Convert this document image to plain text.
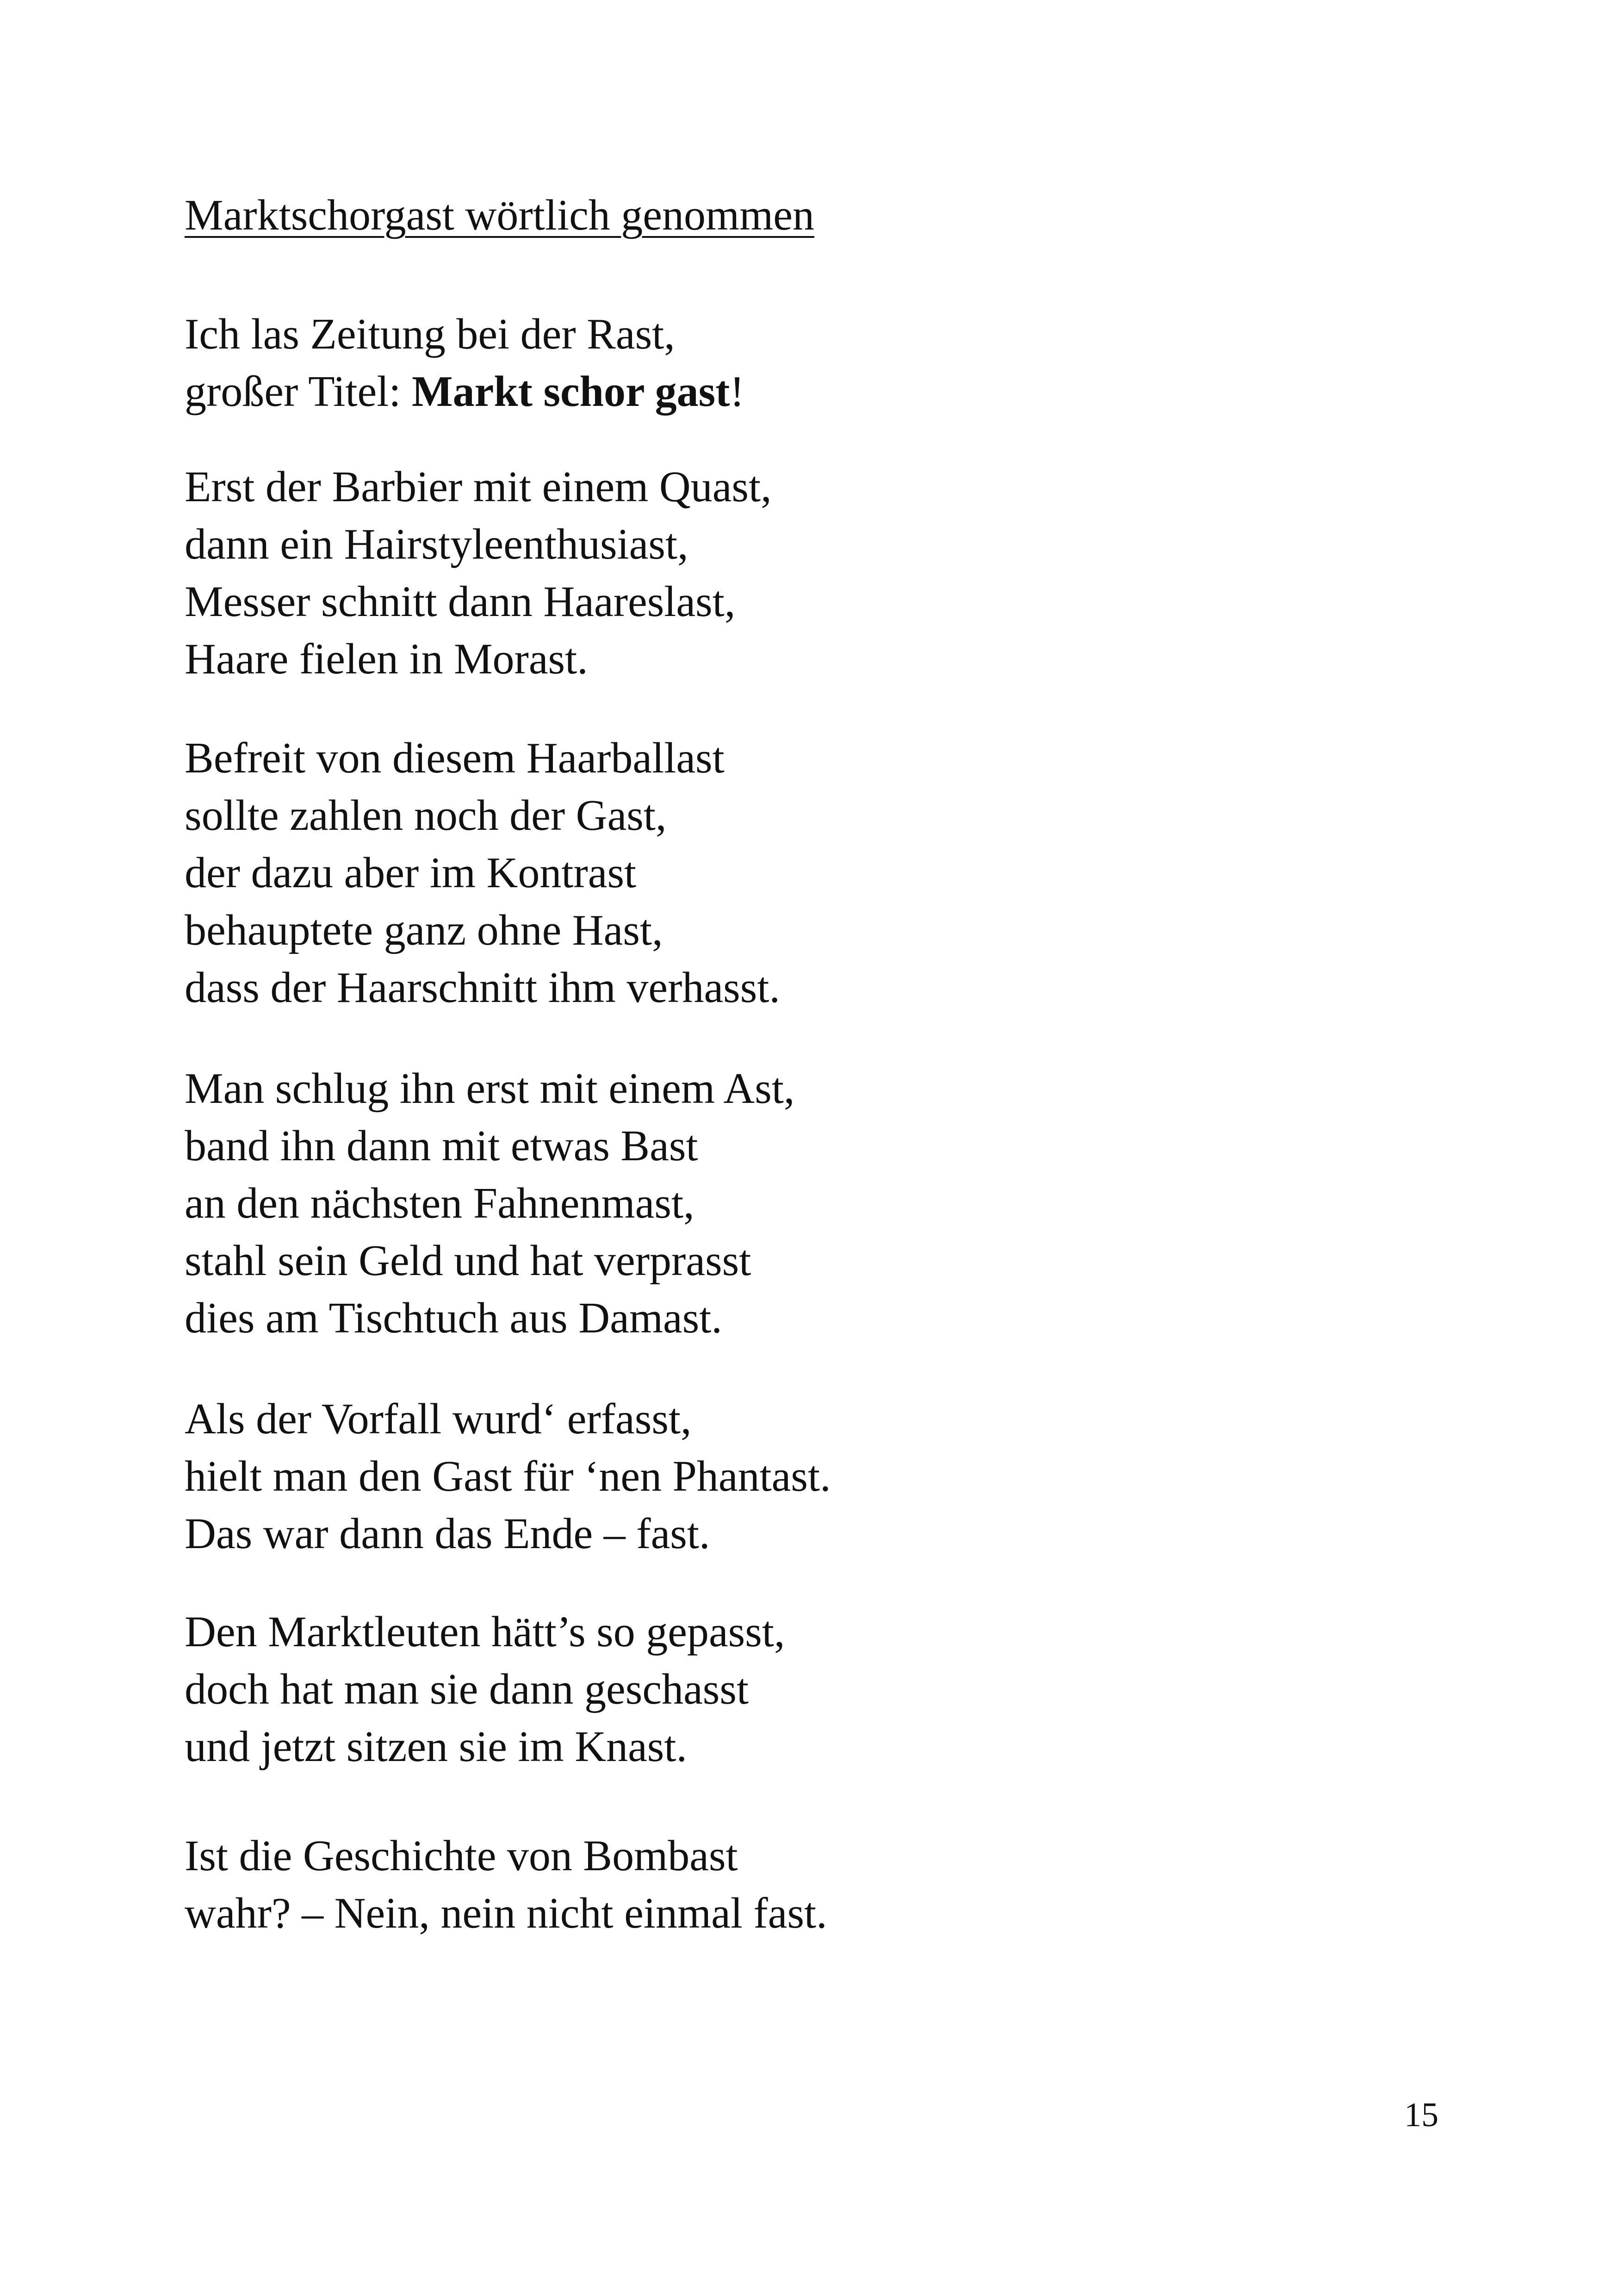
Marktschorgast wörtlich genommen
Ich las Zeitung bei der Rast,
großer Titel: Markt schor gast!
Erst der Barbier mit einem Quast,
dann ein Hairstyleenthusiast,
Messer schnitt dann Haareslast,
Haare fielen in Morast.
Befreit von diesem Haarballast
sollte zahlen noch der Gast,
der dazu aber im Kontrast
behauptete ganz ohne Hast,
dass der Haarschnitt ihm verhasst.
Man schlug ihn erst mit einem Ast,
band ihn dann mit etwas Bast
an den nächsten Fahnenmast,
stahl sein Geld und hat verprasst
dies am Tischtuch aus Damast.
Als der Vorfall wurd‘ erfasst,
hielt man den Gast für ‘nen Phantast.
Das war dann das Ende – fast.
Den Marktleuten hätt’s so gepasst,
doch hat man sie dann geschasst
und jetzt sitzen sie im Knast.
Ist die Geschichte von Bombast
wahr? – Nein, nein nicht einmal fast.
15
